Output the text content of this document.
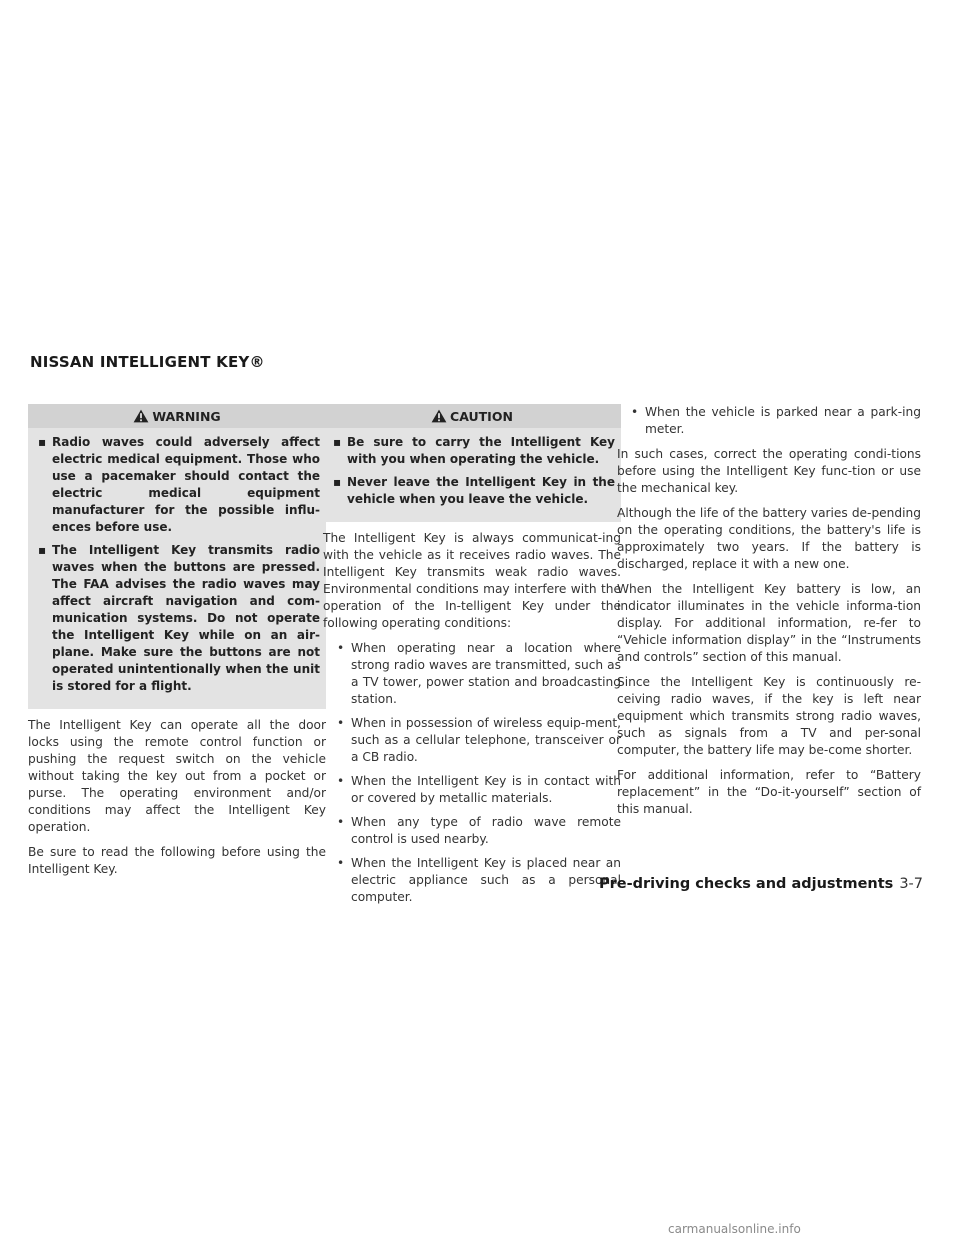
NISSAN INTELLIGENT KEY®
WARNING
▪ Radio waves could adversely affect electric medical equipment. Those who use a pacemaker should contact the electric medical equipment manufacturer for the possible influ-ences before use.
▪ The Intelligent Key transmits radio waves when the buttons are pressed. The FAA advises the radio waves may affect aircraft navigation and com-munication systems. Do not operate the Intelligent Key while on an air-plane. Make sure the buttons are not operated unintentionally when the unit is stored for a flight.

The Intelligent Key can operate all the door locks using the remote control function or pushing the request switch on the vehicle without taking the key out from a pocket or purse. The operating environment and/or conditions may affect the Intelligent Key operation.

Be sure to read the following before using the Intelligent Key.

CAUTION
▪ Be sure to carry the Intelligent Key with you when operating the vehicle.
▪ Never leave the Intelligent Key in the vehicle when you leave the vehicle.

The Intelligent Key is always communicat-ing with the vehicle as it receives radio waves. The Intelligent Key transmits weak radio waves. Environmental conditions may interfere with the operation of the In-telligent Key under the following operating conditions:

• When operating near a location where strong radio waves are transmitted, such as a TV tower, power station and broadcasting station.
• When in possession of wireless equip-ment, such as a cellular telephone, transceiver or a CB radio.
• When the Intelligent Key is in contact with or covered by metallic materials.
• When any type of radio wave remote control is used nearby.
• When the Intelligent Key is placed near an electric appliance such as a personal computer.
• When the vehicle is parked near a park-ing meter.

In such cases, correct the operating condi-tions before using the Intelligent Key func-tion or use the mechanical key.

Although the life of the battery varies de-pending on the operating conditions, the battery's life is approximately two years. If the battery is discharged, replace it with a new one.

When the Intelligent Key battery is low, an indicator illuminates in the vehicle informa-tion display. For additional information, re-fer to “Vehicle information display” in the “Instruments and controls” section of this manual.

Since the Intelligent Key is continuously re-ceiving radio waves, if the key is left near equipment which transmits strong radio waves, such as signals from a TV and per-sonal computer, the battery life may be-come shorter.

For additional information, refer to “Battery replacement” in the “Do-it-yourself” section of this manual.

Pre-driving checks and adjustments 3-7
carmanualsonline.info
